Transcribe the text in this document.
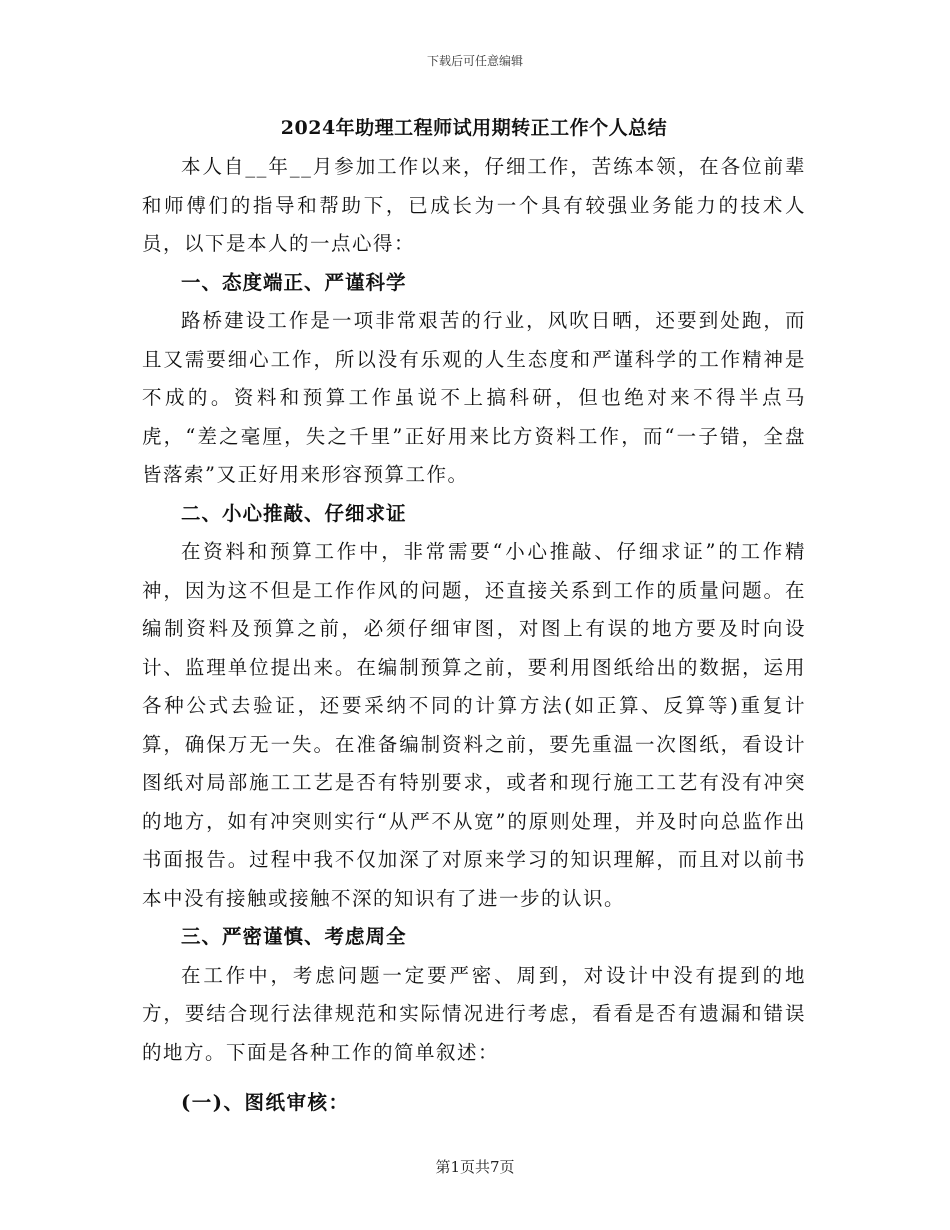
下载后可任意编辑
2024年助理工程师试用期转正工作个人总结

本人自__年__月参加工作以来，仔细工作，苦练本领，在各位前辈和师傅们的指导和帮助下，已成长为一个具有较强业务能力的技术人员，以下是本人的一点心得：

一、态度端正、严谨科学

路桥建设工作是一项非常艰苦的行业，风吹日晒，还要到处跑，而且又需要细心工作，所以没有乐观的人生态度和严谨科学的工作精神是不成的。资料和预算工作虽说不上搞科研，但也绝对来不得半点马虎，“差之毫厘，失之千里”正好用来比方资料工作，而“一子错，全盘皆落索”又正好用来形容预算工作。

二、小心推敲、仔细求证

在资料和预算工作中，非常需要“小心推敲、仔细求证”的工作精神，因为这不但是工作作风的问题，还直接关系到工作的质量问题。在编制资料及预算之前，必须仔细审图，对图上有误的地方要及时向设计、监理单位提出来。在编制预算之前，要利用图纸给出的数据，运用各种公式去验证，还要采纳不同的计算方法(如正算、反算等)重复计算，确保万无一失。在准备编制资料之前，要先重温一次图纸，看设计图纸对局部施工工艺是否有特别要求，或者和现行施工工艺有没有冲突的地方，如有冲突则实行“从严不从宽”的原则处理，并及时向总监作出书面报告。过程中我不仅加深了对原来学习的知识理解，而且对以前书本中没有接触或接触不深的知识有了进一步的认识。

三、严密谨慎、考虑周全

在工作中，考虑问题一定要严密、周到，对设计中没有提到的地方，要结合现行法律规范和实际情况进行考虑，看看是否有遗漏和错误的地方。下面是各种工作的简单叙述：

(一)、图纸审核：

第1页共7页
